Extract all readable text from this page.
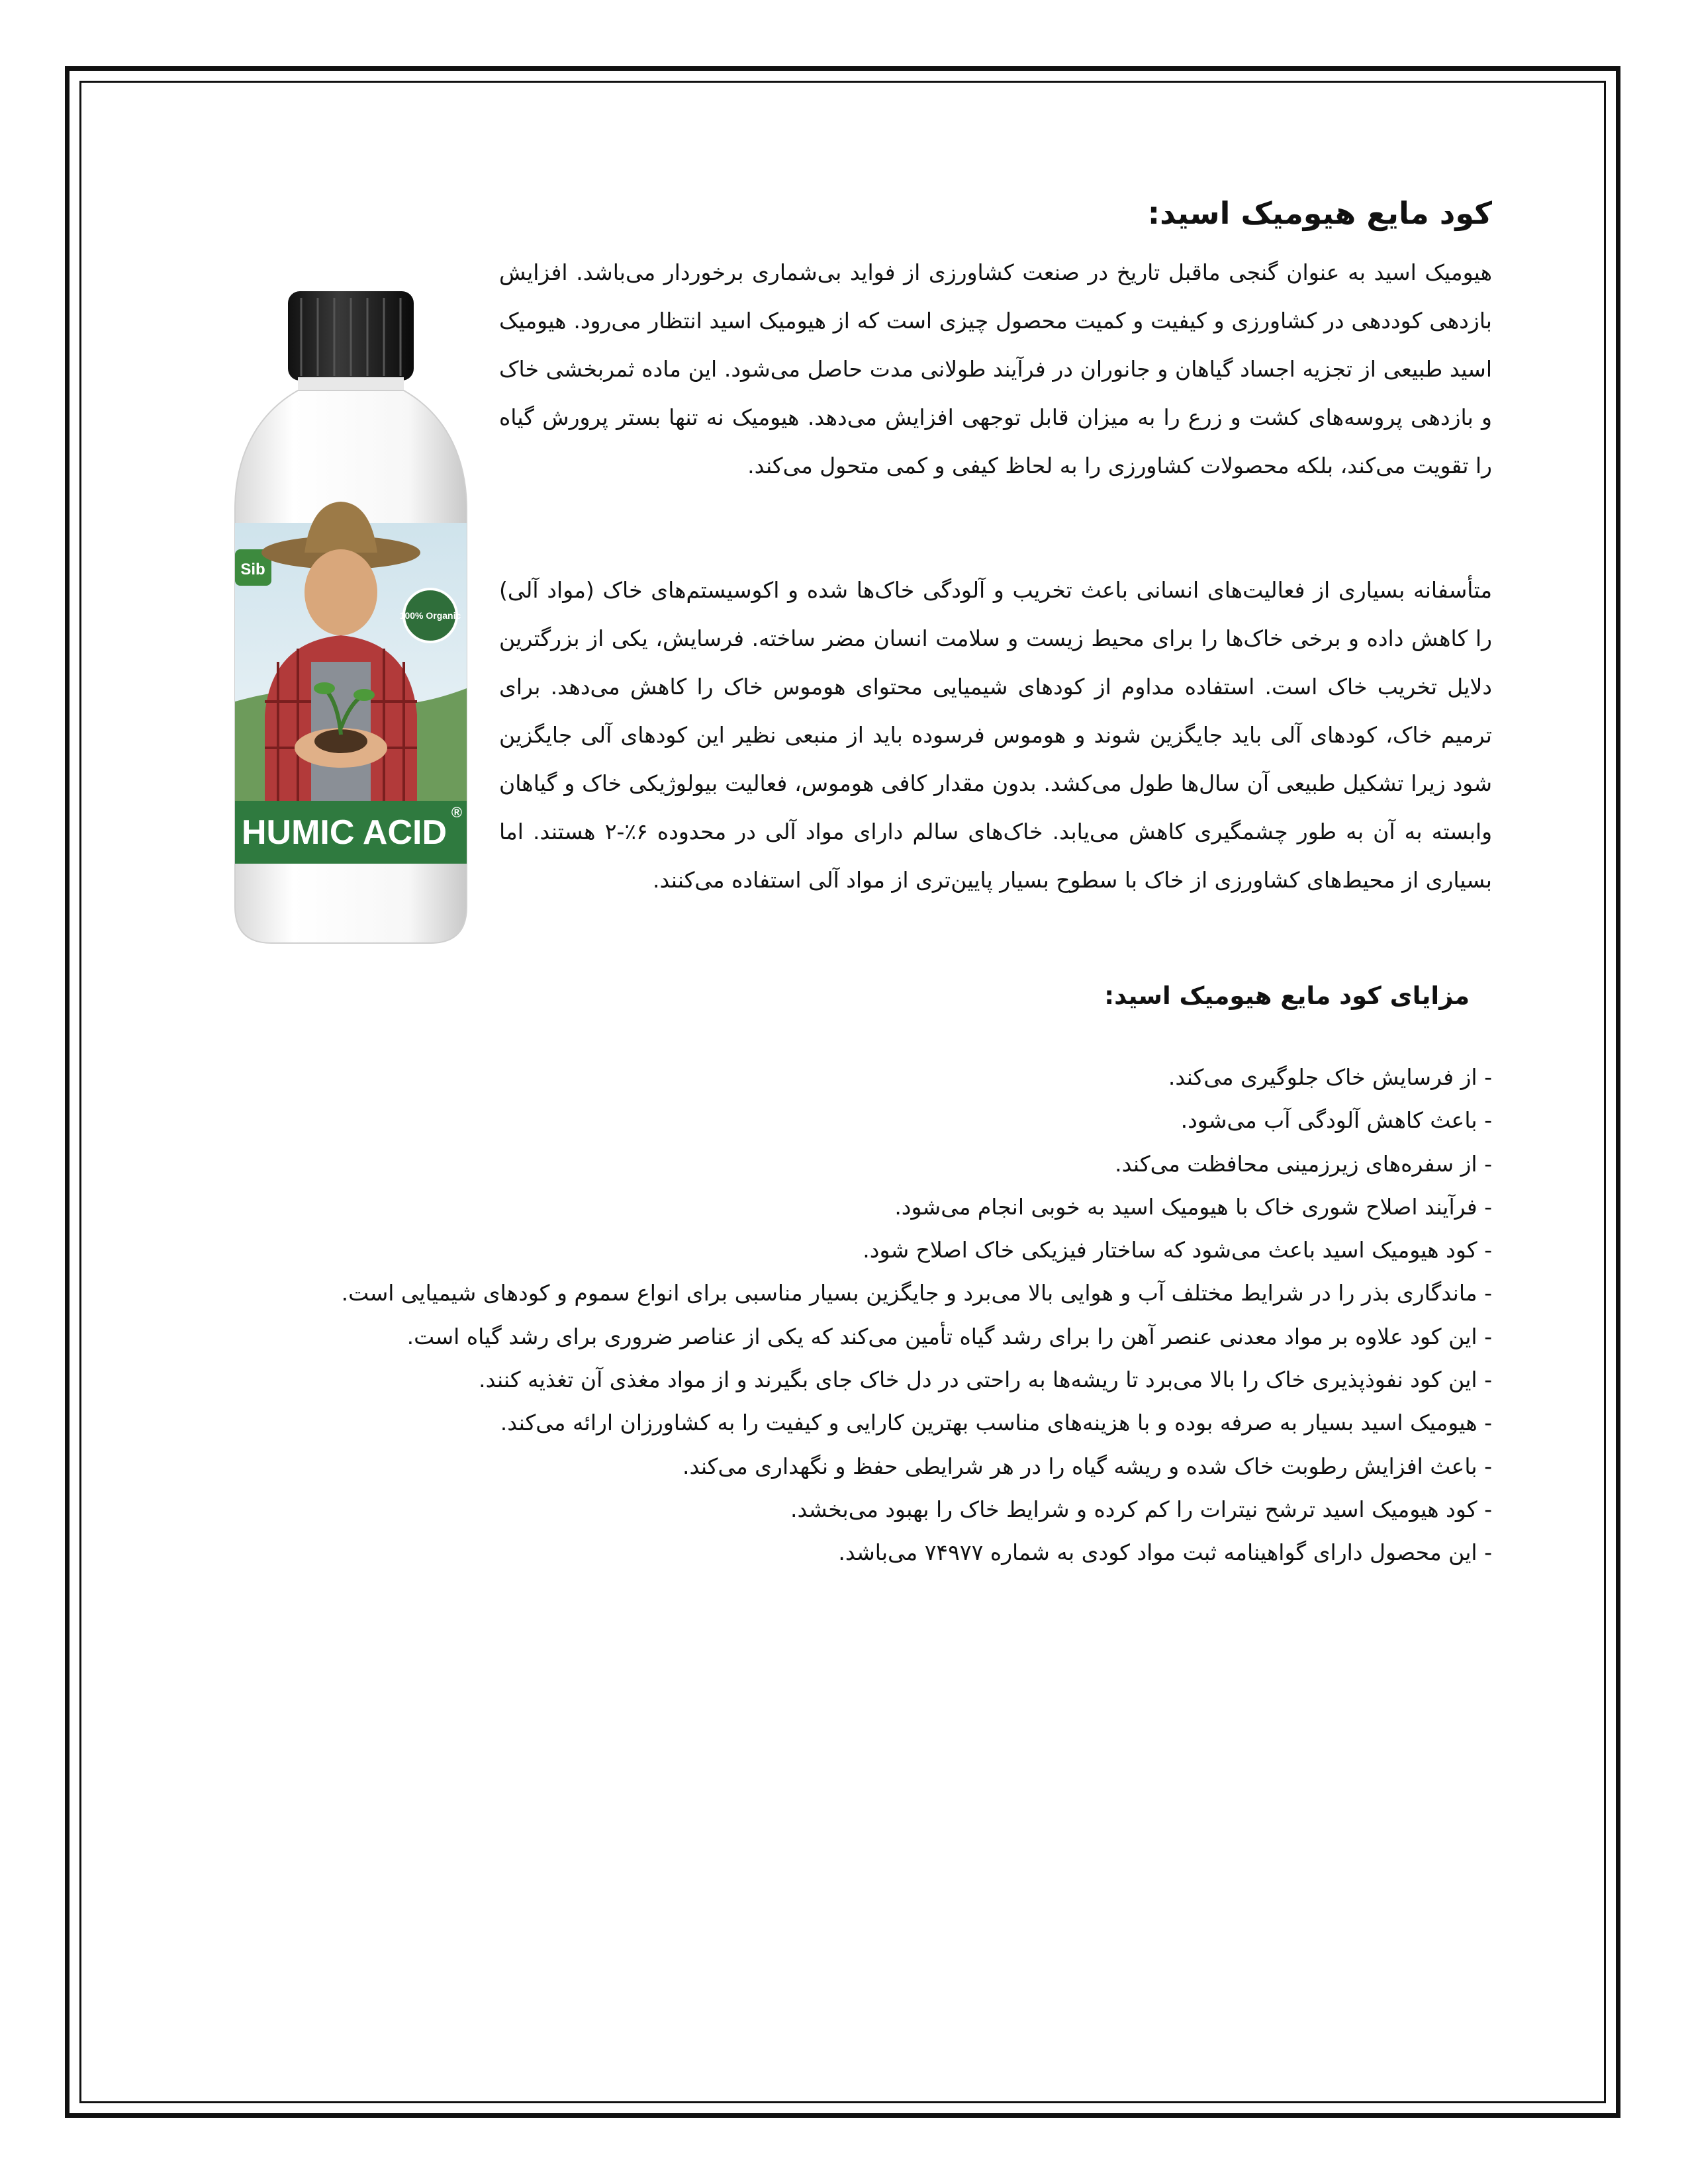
کود مایع هیومیک اسید:

هیومیک اسید به عنوان گنجی ماقبل تاریخ در صنعت کشاورزی از فواید بی‌شماری برخوردار می‌باشد. افزایش بازدهی کوددهی در کشاورزی و کیفیت و کمیت محصول چیزی است که از هیومیک اسید انتظار می‌رود. هیومیک اسید طبیعی از تجزیه اجساد گیاهان و جانوران در فرآیند طولانی مدت حاصل می‌شود. این ماده ثمربخشی خاک و بازدهی پروسه‌های کشت و زرع را به میزان قابل توجهی افزایش می‌دهد. هیومیک نه تنها بستر پرورش گیاه را تقویت می‌کند، بلکه محصولات کشاورزی را به لحاظ کیفی و کمی متحول می‌کند.

متأسفانه بسیاری از فعالیت‌های انسانی باعث تخریب و آلودگی خاک‌ها شده و اکوسیستم‌های خاک (مواد آلی) را کاهش داده و برخی خاک‌ها را برای محیط زیست و سلامت انسان مضر ساخته. فرسایش، یکی از بزرگترین دلایل تخریب خاک است. استفاده مداوم از کودهای شیمیایی محتوای هوموس خاک را کاهش می‌دهد. برای ترمیم خاک، کودهای آلی باید جایگزین شوند و هوموس فرسوده باید از منبعی نظیر این کودهای آلی جایگزین شود زیرا تشکیل طبیعی آن سال‌ها طول می‌کشد. بدون مقدار کافی هوموس، فعالیت بیولوژیکی خاک و گیاهان وابسته به آن به طور چشمگیری کاهش می‌یابد. خاک‌های سالم دارای مواد آلی در محدوده ۶٪-۲ هستند. اما بسیاری از محیط‌های کشاورزی از خاک با سطوح بسیار پایین‌تری از مواد آلی استفاده می‌کنند.

مزایای کود مایع هیومیک اسید:
- از فرسایش خاک جلوگیری می‌کند.
- باعث کاهش آلودگی آب می‌شود.
- از سفره‌های زیرزمینی محافظت می‌کند.
- فرآیند اصلاح شوری خاک با هیومیک اسید به خوبی انجام می‌شود.
- کود هیومیک اسید باعث می‌شود که ساختار فیزیکی خاک اصلاح شود.
- ماندگاری بذر را در شرایط مختلف آب و هوایی بالا می‌برد و جایگزین بسیار مناسبی برای انواع سموم و کودهای شیمیایی است.
- این کود علاوه بر مواد معدنی عنصر آهن را برای رشد گیاه تأمین می‌کند که یکی از عناصر ضروری برای رشد گیاه است.
- این کود نفوذپذیری خاک را بالا می‌برد تا ریشه‌ها به راحتی در دل خاک جای بگیرند و از مواد مغذی آن تغذیه کنند.
- هیومیک اسید بسیار به صرفه بوده و با هزینه‌های مناسب بهترین کارایی و کیفیت را به کشاورزان ارائه می‌کند.
- باعث افزایش رطوبت خاک شده و ریشه گیاه را در هر شرایطی حفظ و نگهداری می‌کند.
- کود هیومیک اسید ترشح نیترات را کم کرده و شرایط خاک را بهبود می‌بخشد.
- این محصول دارای گواهینامه ثبت مواد کودی به شماره ۷۴۹۷۷ می‌باشد.
Sib
100% Organic
HUMIC ACID
®
